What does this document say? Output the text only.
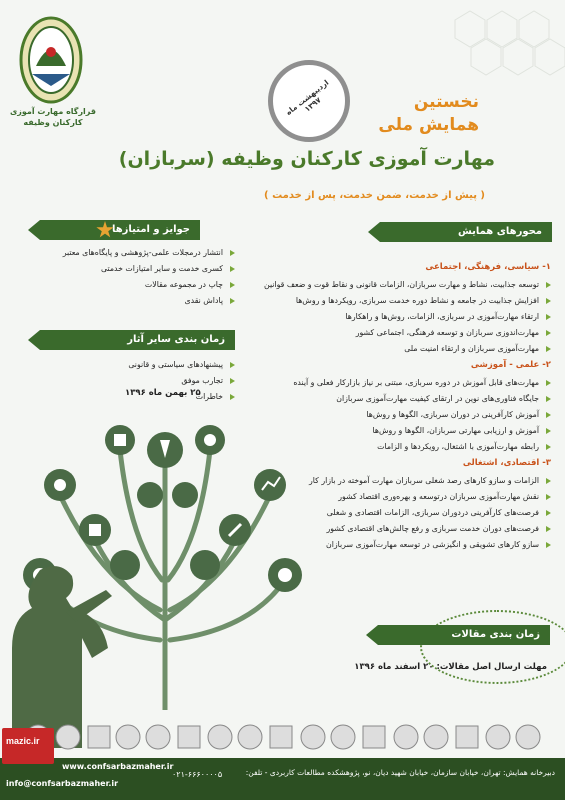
قرارگاه مهارت آموزی کارکنان وظیفه
اردیبهشت ماه ۱۳۹۷	نخستین
همایش ملی
مهارت آموزی کارکنان وظیفه (سربازان)
( پیش از خدمت، ضمن خدمت، پس از خدمت )
جوایز و امتیازها
انتشار درمجلات علمی-پژوهشی و پایگاه‌های معتبر
کسری خدمت و سایر امتیازات خدمتی
چاپ در مجموعه مقالات
پاداش نقدی
زمان بندی سایر آثار
پیشنهادهای سیاستی و قانونی
تجارب موفق
خاطرات
۲۵ بهمن ماه ۱۳۹۶
محورهای همایش
۱- سیاسی، فرهنگی، اجتماعی
توسعه جذابیت، نشاط و مهارت سربازان، الزامات قانونی و نقاط قوت و ضعف قوانین
افزایش جذابیت در جامعه و نشاط دوره خدمت سربازی، رویکردها و روش‌ها
ارتقاء مهارت‌آموزی در سربازی، الزامات، روش‌ها و راهکارها
مهارت‌اندوزی سربازان و توسعه فرهنگی، اجتماعی کشور
مهارت‌آموزی سربازان و ارتقاء امنیت ملی
۲- علمی - آموزشی
مهارت‌های قابل آموزش در دوره سربازی، مبتنی بر نیاز بازارکار فعلی و آینده
جایگاه فناوری‌های نوین در ارتقای کیفیت مهارت‌آموزی سربازان
آموزش کارآفرینی در دوران سربازی، الگوها و روش‌ها
آموزش و ارزیابی مهارتی سربازان، الگوها و روش‌ها
رابطه مهارت‌آموزی با اشتغال، رویکردها و الزامات
۳- اقتصادی، اشتغالی
الزامات و سازو کارهای رصد شغلی سربازان مهارت آموخته در بازار کار
نقش مهارت‌آموزی سربازان درتوسعه و بهره‌وری اقتصاد کشور
فرصت‌های کارآفرینی دردوران سربازی، الزامات اقتصادی و شغلی
فرصت‌های دوران خدمت سربازی و رفع چالش‌های اقتصادی کشور
سازو کارهای تشویقی و انگیزشی در توسعه مهارت‌آموزی سربازان
زمان بندی مقالات
مهلت ارسال اصل مقالات: ۲۰ اسفند ماه ۱۳۹۶
mazic.ir
دبیرخانه همایش: تهران، خیابان سازمان، خیابان شهید دیان، نو، پژوهشکده مطالعات کاربردی - تلفن:
۰۲۱-۶۶۶۰۰۰۰۵
www.confsarbazmaher.ir
info@confsarbazmaher.ir
